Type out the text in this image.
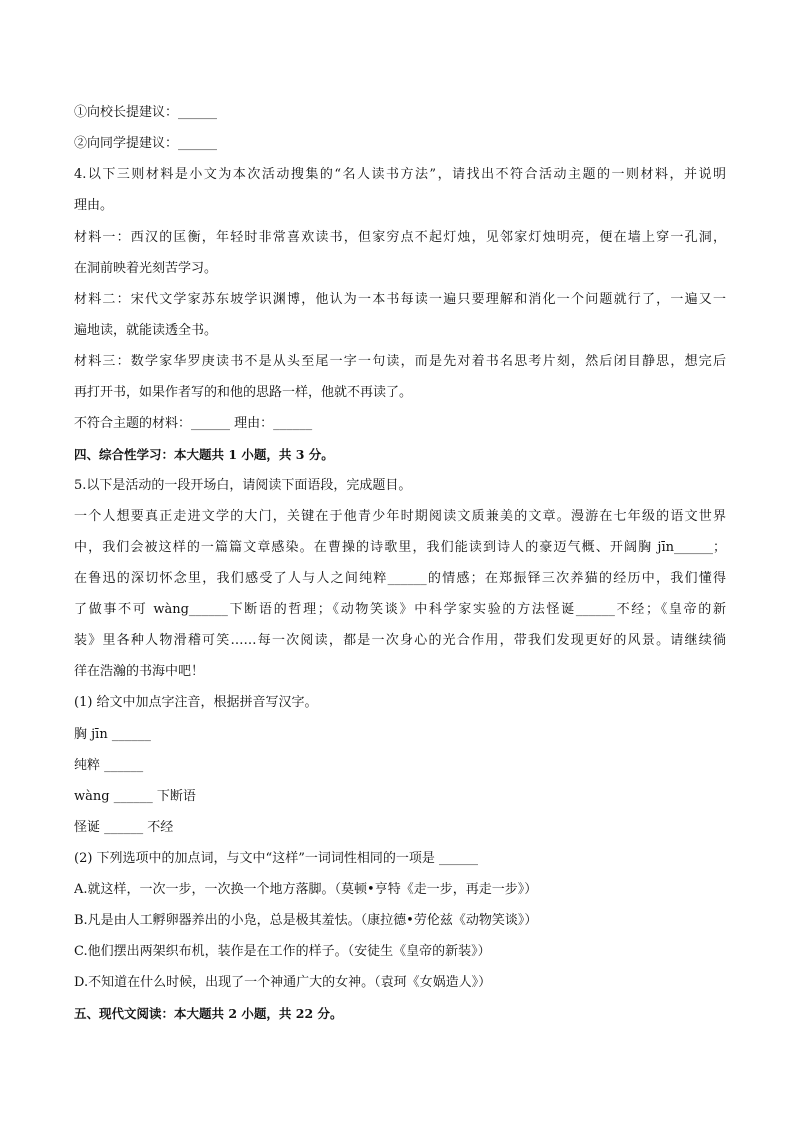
①向校长提建议：______
②向同学提建议：______
4.以下三则材料是小文为本次活动搜集的“名人读书方法”，请找出不符合活动主题的一则材料，并说明
理由。
材料一：西汉的匡衡，年轻时非常喜欢读书，但家穷点不起灯烛，见邻家灯烛明亮，便在墙上穿一孔洞，
在洞前映着光刻苦学习。
材料二：宋代文学家苏东坡学识渊博，他认为一本书每读一遍只要理解和消化一个问题就行了，一遍又一
遍地读，就能读透全书。
材料三：数学家华罗庚读书不是从头至尾一字一句读，而是先对着书名思考片刻，然后闭目静思，想完后
再打开书，如果作者写的和他的思路一样，他就不再读了。
不符合主题的材料：______ 理由：______
四、综合性学习：本大题共 1 小题，共 3 分。
5.以下是活动的一段开场白，请阅读下面语段，完成题目。
一个人想要真正走进文学的大门，关键在于他青少年时期阅读文质兼美的文章。漫游在七年级的语文世界
中，我们会被这样的一篇篇文章感染。在曹操的诗歌里，我们能读到诗人的豪迈气概、开阔胸 jīn______；
在鲁迅的深切怀念里，我们感受了人与人之间纯粹______的情感；在郑振铎三次养猫的经历中，我们懂得
了做事不可 wàng______下断语的哲理；《动物笑谈》中科学家实验的方法怪诞______不经；《皇帝的新
装》里各种人物滑稽可笑……每一次阅读，都是一次身心的光合作用，带我们发现更好的风景。请继续徜
徉在浩瀚的书海中吧！
(1) 给文中加点字注音，根据拼音写汉字。
胸 jīn ______
纯粹 ______
wàng ______ 下断语
怪诞 ______ 不经
(2) 下列选项中的加点词，与文中“这样”一词词性相同的一项是 ______
A.就这样，一次一步，一次换一个地方落脚。（莫顿•亨特《走一步，再走一步》）
B.凡是由人工孵卵器养出的小凫，总是极其羞怯。（康拉德•劳伦兹《动物笑谈》）
C.他们摆出两架织布机，装作是在工作的样子。（安徒生《皇帝的新装》）
D.不知道在什么时候，出现了一个神通广大的女神。（袁珂《女娲造人》）
五、现代文阅读：本大题共 2 小题，共 22 分。
